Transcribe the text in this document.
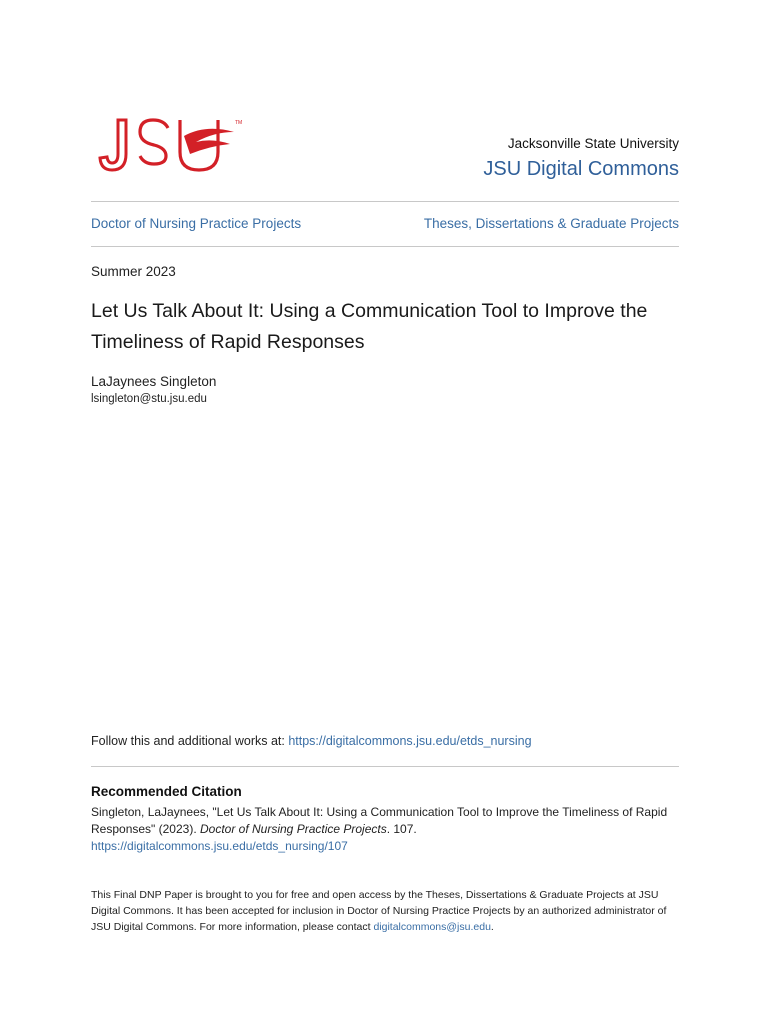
TM
Jacksonville State University
JSU Digital Commons
Doctor of Nursing Practice Projects	Theses, Dissertations & Graduate Projects
Summer 2023
Let Us Talk About It: Using a Communication Tool to Improve the Timeliness of Rapid Responses
LaJaynees Singleton
lsingleton@stu.jsu.edu
Follow this and additional works at: https://digitalcommons.jsu.edu/etds_nursing
Recommended Citation
Singleton, LaJaynees, "Let Us Talk About It: Using a Communication Tool to Improve the Timeliness of Rapid Responses" (2023). Doctor of Nursing Practice Projects. 107.
https://digitalcommons.jsu.edu/etds_nursing/107
This Final DNP Paper is brought to you for free and open access by the Theses, Dissertations & Graduate Projects at JSU Digital Commons. It has been accepted for inclusion in Doctor of Nursing Practice Projects by an authorized administrator of JSU Digital Commons. For more information, please contact digitalcommons@jsu.edu.
